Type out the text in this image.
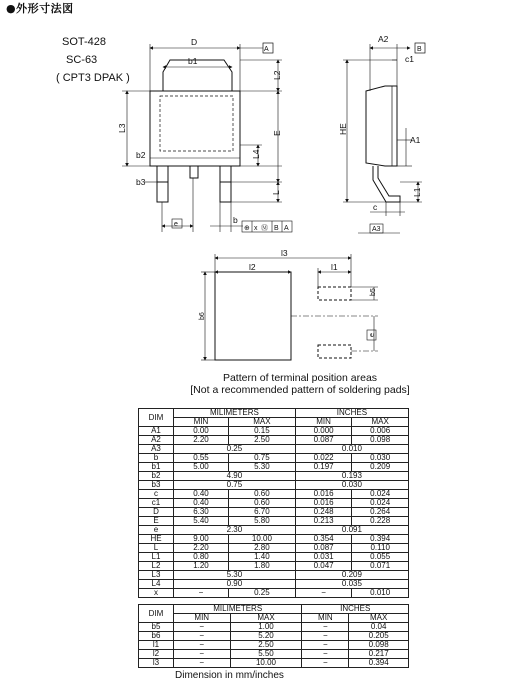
●外形寸法図
SOT-428
SC-63
( CPT3 DPAK )
D
A
b1
L3
L2
E
L4
L
b2
b3
e	b
⊕ x Ⓜ B A
A2
B
c1
HE
A1
L1
c
A3
l3
l2	l1
b5
b6
e
Pattern of terminal position areas
[Not a recommended pattern of soldering pads]
DIM	MILIMETERS		INCHES	
	MIN	MAX	MIN	MAX
A1	0.00	0.15	0.000	0.006
A2	2.20	2.50	0.087	0.098
A3	0.25		0.010	
b	0.55	0.75	0.022	0.030
b1	5.00	5.30	0.197	0.209
b2	4.90		0.193	
b3	0.75		0.030	
c	0.40	0.60	0.016	0.024
c1	0.40	0.60	0.016	0.024
D	6.30	6.70	0.248	0.264
E	5.40	5.80	0.213	0.228
e	2.30		0.091	
HE	9.00	10.00	0.354	0.394
L	2.20	2.80	0.087	0.110
L1	0.80	1.40	0.031	0.055
L2	1.20	1.80	0.047	0.071
L3	5.30		0.209	
L4	0.90		0.035	
x	−	0.25	−	0.010
DIM	MILIMETERS		INCHES	
	MIN	MAX	MIN	MAX
b5	−	1.00	−	0.04
b6	−	5.20	−	0.205
l1	−	2.50	−	0.098
l2	−	5.50	−	0.217
l3	−	10.00	−	0.394
Dimension in mm/inches
